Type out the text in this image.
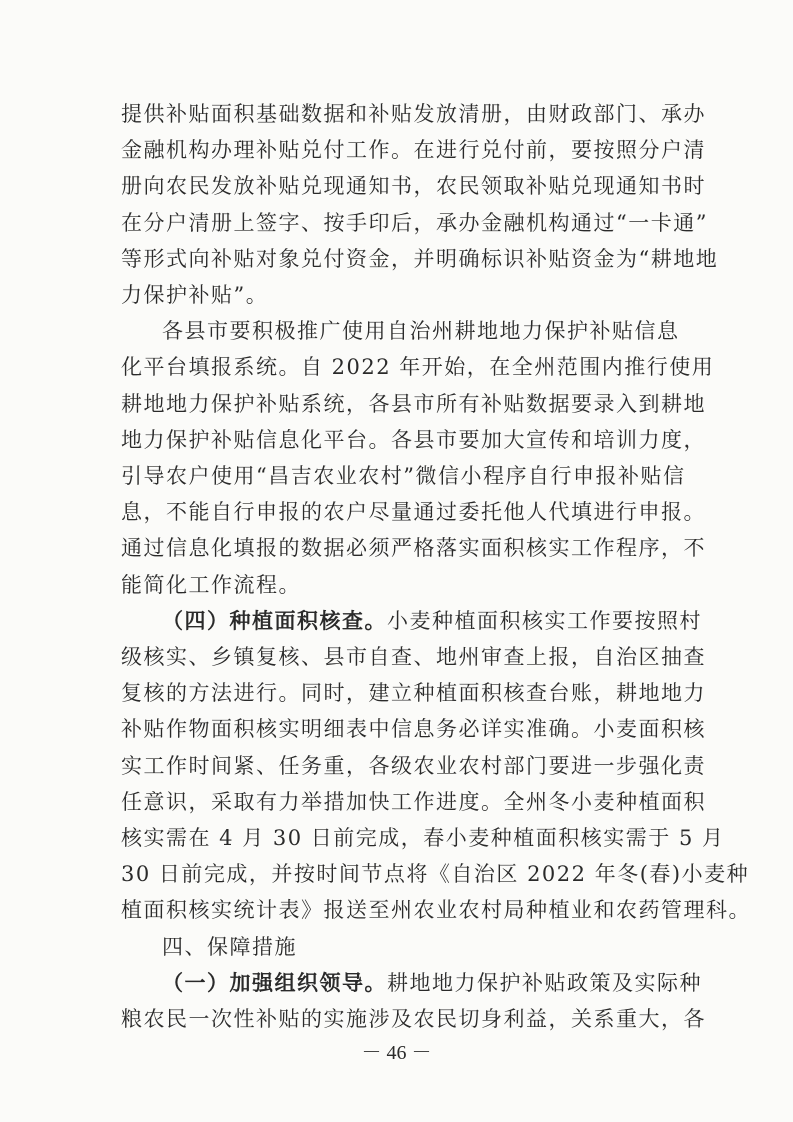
提供补贴面积基础数据和补贴发放清册，由财政部门、承办
金融机构办理补贴兑付工作。在进行兑付前，要按照分户清
册向农民发放补贴兑现通知书，农民领取补贴兑现通知书时
在分户清册上签字、按手印后，承办金融机构通过“一卡通”
等形式向补贴对象兑付资金，并明确标识补贴资金为“耕地地
力保护补贴”。
各县市要积极推广使用自治州耕地地力保护补贴信息
化平台填报系统。自 2022 年开始，在全州范围内推行使用
耕地地力保护补贴系统，各县市所有补贴数据要录入到耕地
地力保护补贴信息化平台。各县市要加大宣传和培训力度，
引导农户使用“昌吉农业农村”微信小程序自行申报补贴信
息，不能自行申报的农户尽量通过委托他人代填进行申报。
通过信息化填报的数据必须严格落实面积核实工作程序，不
能简化工作流程。
（四）种植面积核查。小麦种植面积核实工作要按照村
级核实、乡镇复核、县市自查、地州审查上报，自治区抽查
复核的方法进行。同时，建立种植面积核查台账，耕地地力
补贴作物面积核实明细表中信息务必详实准确。小麦面积核
实工作时间紧、任务重，各级农业农村部门要进一步强化责
任意识，采取有力举措加快工作进度。全州冬小麦种植面积
核实需在 4 月 30 日前完成，春小麦种植面积核实需于 5 月
30 日前完成，并按时间节点将《自治区 2022 年冬(春)小麦种
植面积核实统计表》报送至州农业农村局种植业和农药管理科。
四、保障措施
（一）加强组织领导。耕地地力保护补贴政策及实际种
粮农民一次性补贴的实施涉及农民切身利益，关系重大，各
－ 46 －
